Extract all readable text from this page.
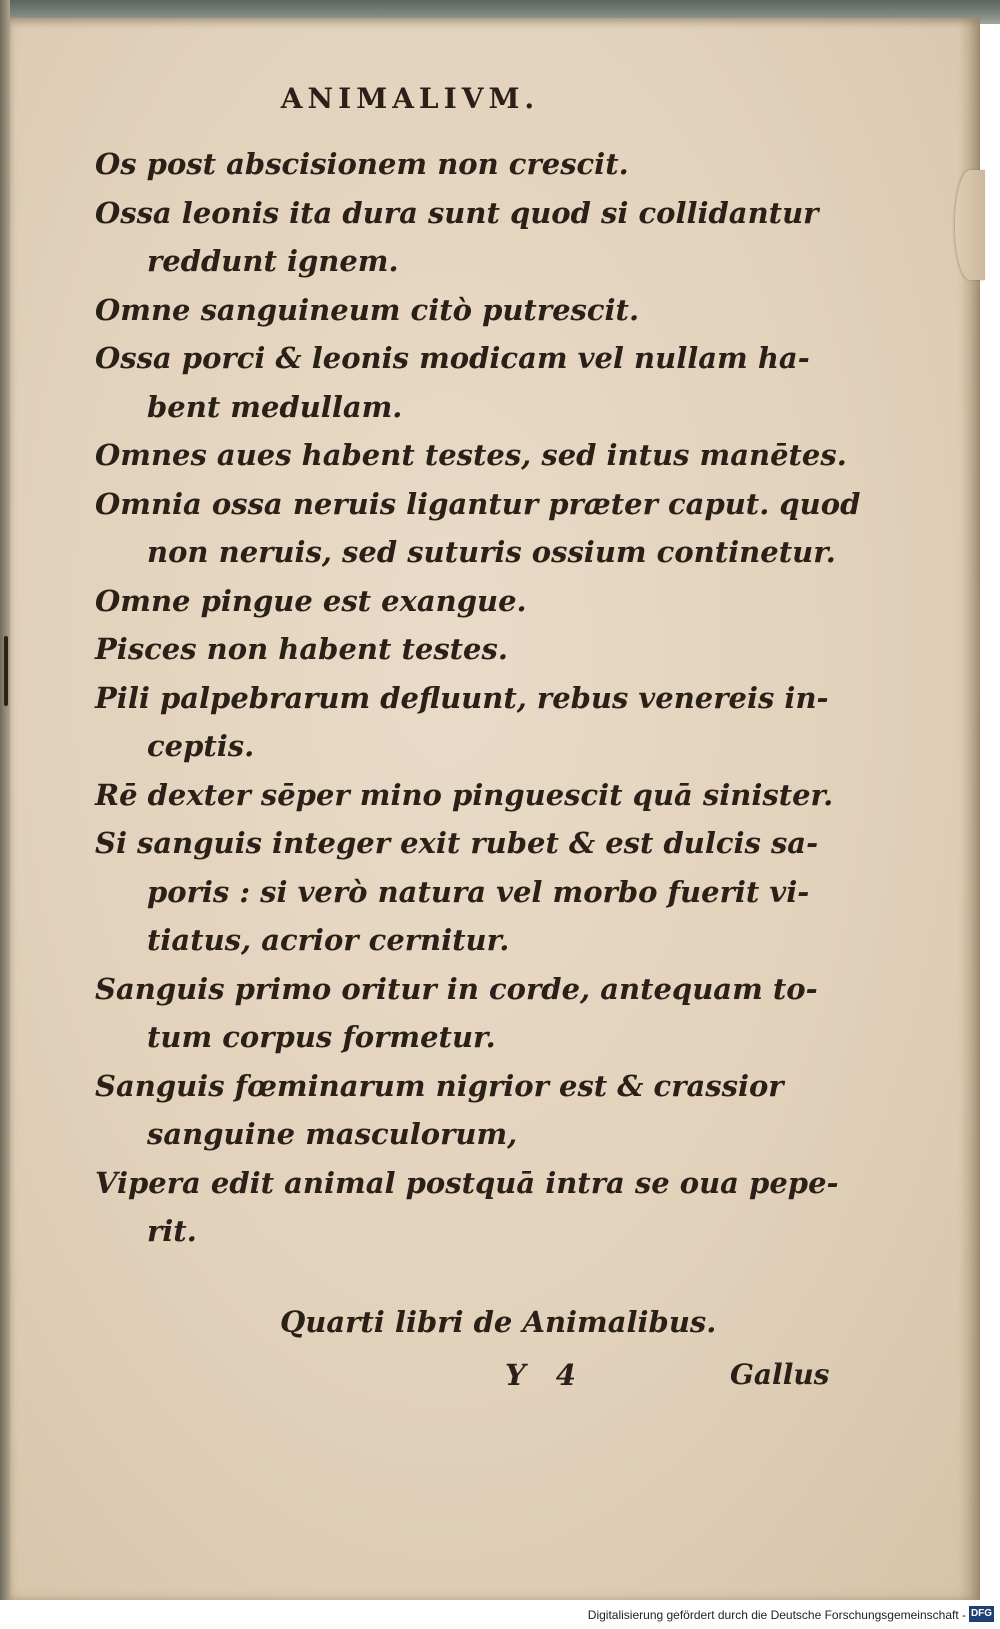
ANIMALIVM.

Os post abscisionem non crescit.

Ossa leonis ita dura sunt quod si collidantur
reddunt ignem.

Omne sanguineum citò putrescit.

Ossa porci & leonis modicam vel nullam ha-
bent medullam.

Omnes aues habent testes, sed intus manētes.

Omnia ossa neruis ligantur præter caput. quod
non neruis, sed suturis ossium continetur.

Omne pingue est exangue.

Pisces non habent testes.

Pili palpebrarum defluunt, rebus venereis in-
ceptis.

Rē dexter sēper mino pinguescit quā sinister.

Si sanguis integer exit rubet & est dulcis sa-
poris : si verò natura vel morbo fuerit vi-
tiatus, acrior cernitur.

Sanguis primo oritur in corde, antequam to-
tum corpus formetur.

Sanguis fœminarum nigrior est & crassior
sanguine masculorum,

Vipera edit animal postquā intra se oua pepe-
rit.

Quarti libri de Animalibus.
Y 4	Gallus
Digitalisierung gefördert durch die Deutsche Forschungsgemeinschaft - DFG
